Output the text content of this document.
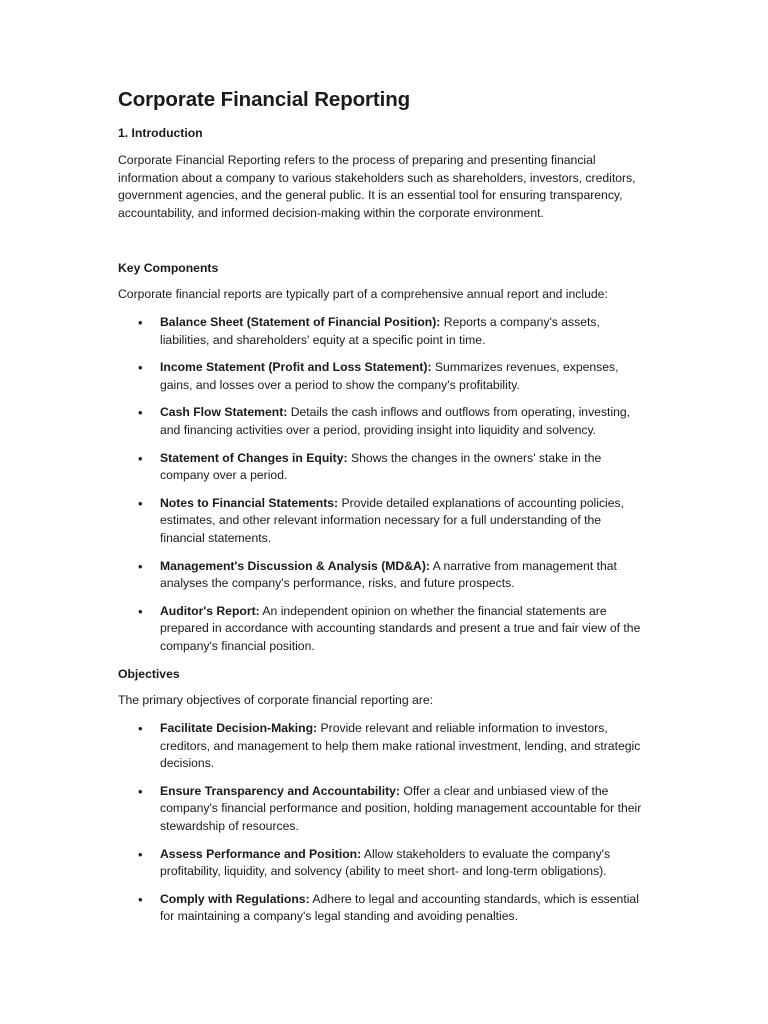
Corporate Financial Reporting
1. Introduction

Corporate Financial Reporting refers to the process of preparing and presenting financial information about a company to various stakeholders such as shareholders, investors, creditors, government agencies, and the general public. It is an essential tool for ensuring transparency, accountability, and informed decision-making within the corporate environment.

Key Components

Corporate financial reports are typically part of a comprehensive annual report and include:

• Balance Sheet (Statement of Financial Position): Reports a company's assets, liabilities, and shareholders' equity at a specific point in time.
• Income Statement (Profit and Loss Statement): Summarizes revenues, expenses, gains, and losses over a period to show the company's profitability.
• Cash Flow Statement: Details the cash inflows and outflows from operating, investing, and financing activities over a period, providing insight into liquidity and solvency.
• Statement of Changes in Equity: Shows the changes in the owners' stake in the company over a period.
• Notes to Financial Statements: Provide detailed explanations of accounting policies, estimates, and other relevant information necessary for a full understanding of the financial statements.
• Management's Discussion & Analysis (MD&A): A narrative from management that analyses the company's performance, risks, and future prospects.
• Auditor's Report: An independent opinion on whether the financial statements are prepared in accordance with accounting standards and present a true and fair view of the company's financial position.
Objectives

The primary objectives of corporate financial reporting are:

• Facilitate Decision-Making: Provide relevant and reliable information to investors, creditors, and management to help them make rational investment, lending, and strategic decisions.
• Ensure Transparency and Accountability: Offer a clear and unbiased view of the company's financial performance and position, holding management accountable for their stewardship of resources.
• Assess Performance and Position: Allow stakeholders to evaluate the company's profitability, liquidity, and solvency (ability to meet short- and long-term obligations).
• Comply with Regulations: Adhere to legal and accounting standards, which is essential for maintaining a company's legal standing and avoiding penalties.
